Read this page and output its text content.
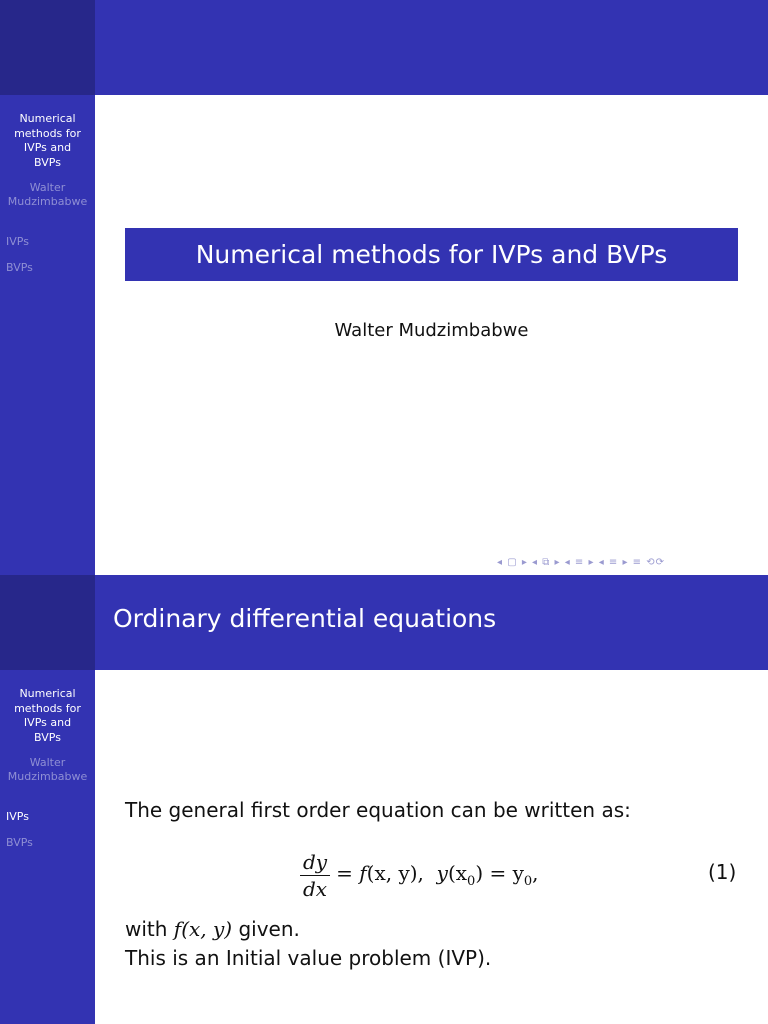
Numerical
methods for
IVPs and
BVPs
Walter
Mudzimbabwe
IVPs
BVPs	Numerical methods for IVPs and BVPs
Walter Mudzimbabwe
◂ ▢ ▸ ◂ ⧉ ▸ ◂ ≡ ▸ ◂ ≡ ▸ ≡ ⟲⟳
Numerical
methods for
IVPs and
BVPs
Walter
Mudzimbabwe
IVPs
BVPs
Ordinary differential equations
The general first order equation can be written as:
$\frac{dy}{dx} = f(x$, y), $y(x_0) = y_0$,	(1)
with f(x, y) given.
This is an Initial value problem (IVP).
